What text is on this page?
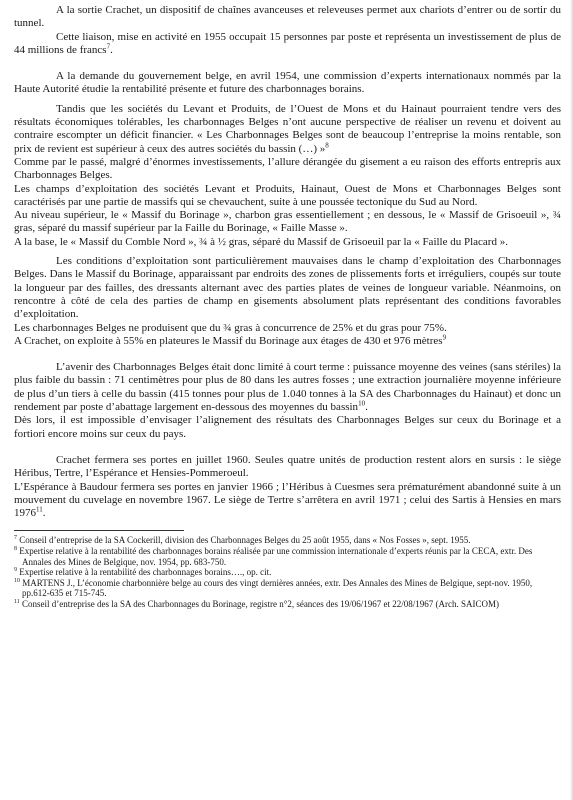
A la sortie Crachet, un dispositif de chaînes avanceuses et releveuses permet aux chariots d’entrer ou de sortir du tunnel.

Cette liaison, mise en activité en 1955 occupait 15 personnes par poste et représenta un investissement de plus de 44 millions de francs$^7$.

A la demande du gouvernement belge, en avril 1954, une commission d’experts internationaux nommés par la Haute Autorité étudie la rentabilité présente et future des charbonnages borains.

Tandis que les sociétés du Levant et Produits, de l’Ouest de Mons et du Hainaut pourraient tendre vers des résultats économiques tolérables, les charbonnages Belges n’ont aucune perspective de réaliser un revenu et doivent au contraire escompter un déficit financier. « Les Charbonnages Belges sont de beaucoup l’entreprise la moins rentable, son prix de revient est supérieur à ceux des autres sociétés du bassin (…) »$^8$

Comme par le passé, malgré d’énormes investissements, l’allure dérangée du gisement a eu raison des efforts entrepris aux Charbonnages Belges.

Les champs d’exploitation des sociétés Levant et Produits, Hainaut, Ouest de Mons et Charbonnages Belges sont caractérisés par une partie de massifs qui se chevauchent, suite à une poussée tectonique du Sud au Nord.

Au niveau supérieur, le « Massif du Borinage », charbon gras essentiellement ; en dessous, le « Massif de Grisoeuil », ¾ gras, séparé du massif supérieur par la Faille du Borinage, « Faille Masse ».

A la base, le « Massif du Comble Nord », ¾ à ½ gras, séparé du Massif de Grisoeuil par la « Faille du Placard ».

Les conditions d’exploitation sont particulièrement mauvaises dans le champ d’exploitation des Charbonnages Belges. Dans le Massif du Borinage, apparaissant par endroits des zones de plissements forts et irréguliers, coupés sur toute la longueur par des failles, des dressants alternant avec des parties plates de veines de longueur variable. Néanmoins, on rencontre à côté de cela des parties de champ en gisements absolument plats représentant des conditions favorables d’exploitation.

Les charbonnages Belges ne produisent que du ¾ gras à concurrence de 25% et du gras pour 75%.

A Crachet, on exploite à 55% en plateures le Massif du Borinage aux étages de 430 et 976 mètres$^9$

L’avenir des Charbonnages Belges était donc limité à court terme : puissance moyenne des veines (sans stériles) la plus faible du bassin : 71 centimètres pour plus de 80 dans les autres fosses ; une extraction journalière moyenne inférieure de plus d’un tiers à celle du bassin (415 tonnes pour plus de 1.040 tonnes à la SA des Charbonnages du Hainaut) et donc un rendement par poste d’abattage largement en-dessous des moyennes du bassin$^{10}$.

Dès lors, il est impossible d’envisager l’alignement des résultats des Charbonnages Belges sur ceux du Borinage et a fortiori encore moins sur ceux du pays.

Crachet fermera ses portes en juillet 1960. Seules quatre unités de production restent alors en sursis : le siège Héribus, Tertre, l’Espérance et Hensies-Pommeroeul.

L’Espérance à Baudour fermera ses portes en janvier 1966 ; l’Héribus à Cuesmes sera prématurément abandonné suite à un mouvement du cuvelage en novembre 1967. Le siège de Tertre s’arrêtera en avril 1971 ; celui des Sartis à Hensies en mars 1976$^{11}$.

$^7$ Conseil d’entreprise de la SA Cockerill, division des Charbonnages Belges du 25 août 1955, dans « Nos Fosses », sept. 1955.

$^8$ Expertise relative à la rentabilité des charbonnages borains réalisée par une commission internationale d’experts réunis par la CECA, extr. Des Annales des Mines de Belgique, nov. 1954, pp. 683-750.

$^9$ Expertise relative à la rentabilité des charbonnages borains…., op. cit.

$^{10}$ MARTENS J., L’économie charbonnière belge au cours des vingt dernières années, extr. Des Annales des Mines de Belgique, sept-nov. 1950, pp.612-635 et 715-745.

$^{11}$ Conseil d’entreprise des la SA des Charbonnages du Borinage, registre n°2, séances des 19/06/1967 et 22/08/1967 (Arch. SAICOM)
